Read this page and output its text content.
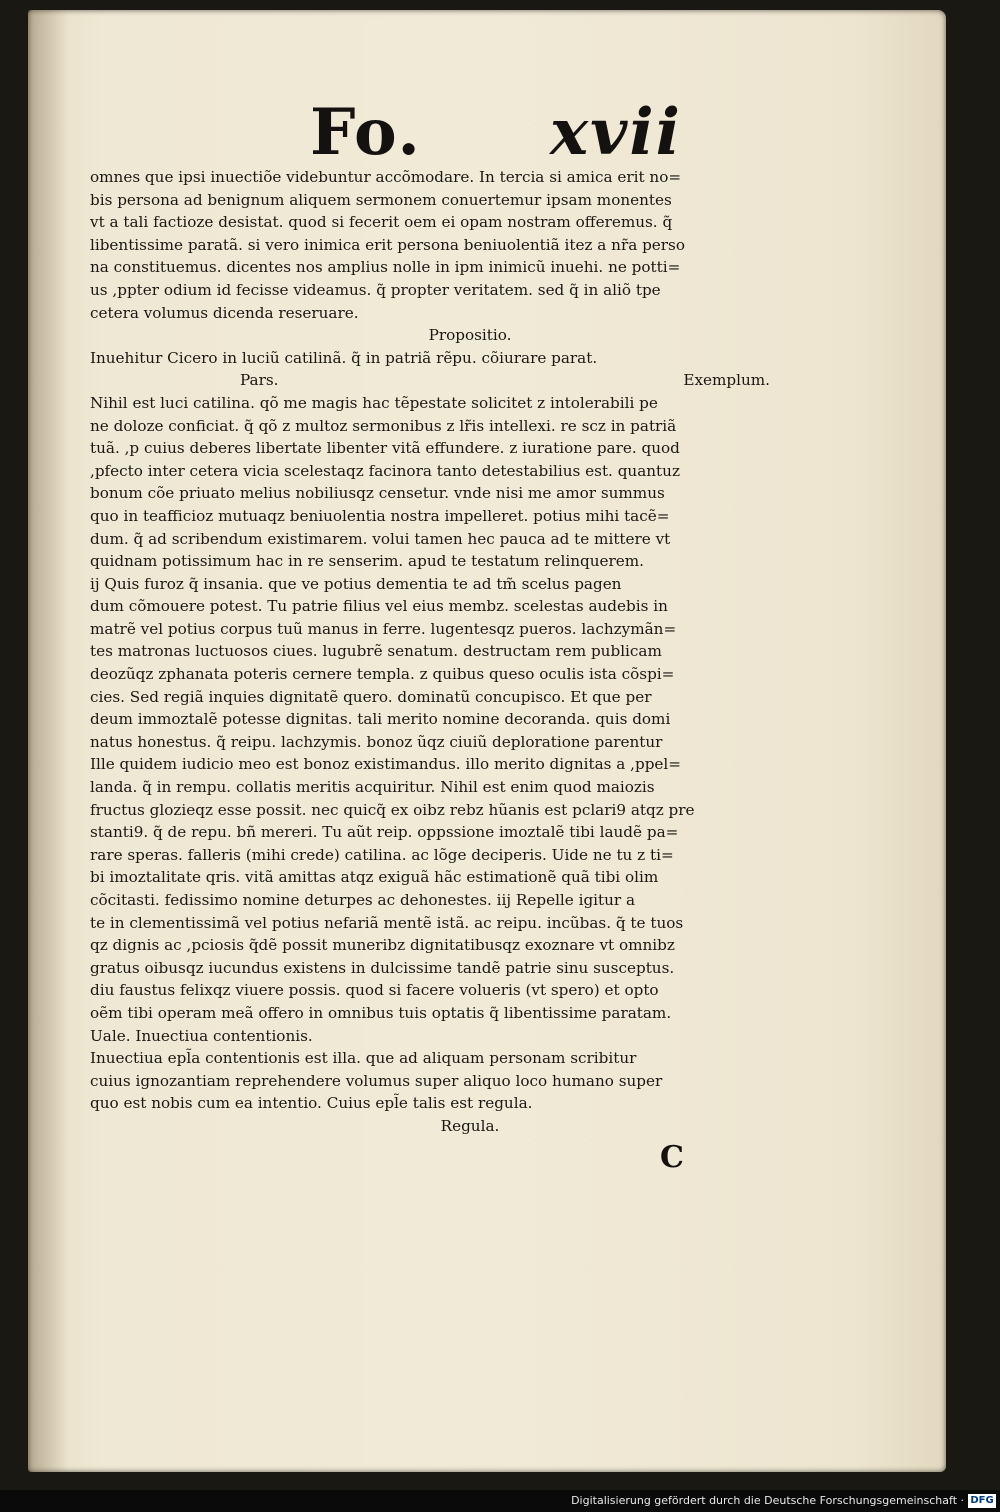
Fo. xvii
omnes que ipsi inuectiõe videbuntur accõmodare. In tercia si amica erit no=
bis persona ad benignum aliquem sermonem conuertemur ipsam monentes
vt a tali factioze desistat. quod si fecerit oem ei opam nostram offeremus. q̃
libentissime paratã. si vero inimica erit persona beniuolentiã itez a nr̃a perso
na constituemus. dicentes nos amplius nolle in ipm inimicũ inuehi. ne potti=
us ,ppter odium id fecisse videamus. q̃ propter veritatem. sed q̃ in aliõ tpe
cetera volumus dicenda reseruare.
Propositio.
Inuehitur Cicero in luciũ catilinã. q̃ in patriã rẽpu. cõiurare parat.
Pars.	Exemplum.
Nihil est luci catilina. qõ me magis hac tẽpestate solicitet z intolerabili pe
ne doloze conficiat. q̃ qõ z multoz sermonibus z lr̃is intellexi. re scz in patriã
tuã. ,p cuius deberes libertate libenter vitã effundere. z iuratione pare. quod
,pfecto inter cetera vicia scelestaqz facinora tanto detestabilius est. quantuz
bonum cõe priuato melius nobiliusqz censetur. vnde nisi me amor summus
quo in teafficioz mutuaqz beniuolentia nostra impelleret. potius mihi tacẽ=
dum. q̃ ad scribendum existimarem. volui tamen hec pauca ad te mittere vt
quidnam potissimum hac in re senserim. apud te testatum relinquerem.
ij Quis furoz q̃ insania. que ve potius dementia te ad tm̃ scelus pagen
dum cõmouere potest. Tu patrie filius vel eius membz. scelestas audebis in
matrẽ vel potius corpus tuũ manus in ferre. lugentesqz pueros. lachzymãn=
tes matronas luctuosos ciues. lugubrẽ senatum. destructam rem publicam
deozũqz zphanata poteris cernere templa. z quibus queso oculis ista cõspi=
cies. Sed regiã inquies dignitatẽ quero. dominatũ concupisco. Et que per
deum immoztalẽ potesse dignitas. tali merito nomine decoranda. quis domi
natus honestus. q̃ reipu. lachzymis. bonoz ũqz ciuiũ deploratione parentur
Ille quidem iudicio meo est bonoz existimandus. illo merito dignitas a ,ppel=
landa. q̃ in rempu. collatis meritis acquiritur. Nihil est enim quod maiozis
fructus glozieqz esse possit. nec quicq̃ ex oibz rebz hũanis est pclari9 atqz pre
stanti9. q̃ de repu. bñ mereri. Tu aũt reip. oppssione imoztalẽ tibi laudẽ pa=
rare speras. falleris (mihi crede) catilina. ac lõge deciperis. Uide ne tu z ti=
bi imoztalitate qris. vitã amittas atqz exiguã hãc estimationẽ quã tibi olim
cõcitasti. fedissimo nomine deturpes ac dehonestes. iij Repelle igitur a
te in clementissimã vel potius nefariã mentẽ istã. ac reipu. incũbas. q̃ te tuos
qz dignis ac ,pciosis q̃dẽ possit muneribz dignitatibusqz exoznare vt omnibz
gratus oibusqz iucundus existens in dulcissime tandẽ patrie sinu susceptus.
diu faustus felixqz viuere possis. quod si facere volueris (vt spero) et opto
oẽm tibi operam meã offero in omnibus tuis optatis q̃ libentissime paratam.
Uale. Inuectiua contentionis.
Inuectiua epl̃a contentionis est illa. que ad aliquam personam scribitur
cuius ignozantiam reprehendere volumus super aliquo loco humano super
quo est nobis cum ea intentio. Cuius epl̃e talis est regula.
Regula.
C
Digitalisierung gefördert durch die Deutsche Forschungsgemeinschaft · DFG
